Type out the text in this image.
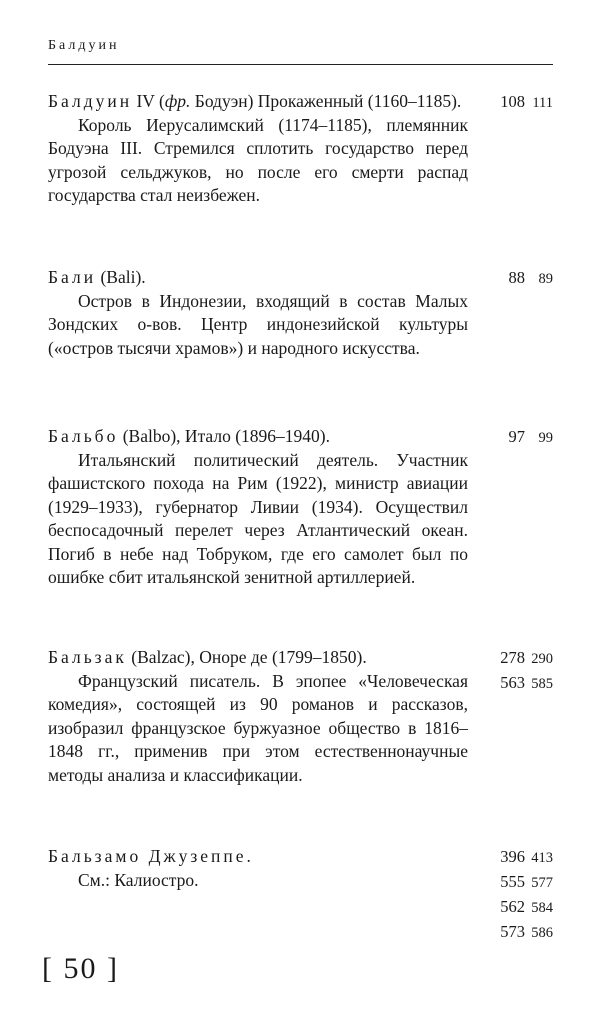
Балдуин
Балдуин IV (фр. Бодуэн) Прокаженный (1160–1185).

Король Иерусалимский (1174–1185), племянник Бодуэна III. Стремился сплотить государство перед угрозой сельджуков, но после его смерти распад государства стал неизбежен.

108 111
Бали (Bali).

Остров в Индонезии, входящий в состав Малых Зондских о-вов. Центр индонезийской культуры («остров тысячи храмов») и народного искусства.

88 89
Бальбо (Balbo), Итало (1896–1940).

Итальянский политический деятель. Участник фашистского похода на Рим (1922), министр авиации (1929–1933), губернатор Ливии (1934). Осуществил беспосадочный перелет через Атлантический океан. Погиб в небе над Тобруком, где его самолет был по ошибке сбит итальянской зенитной артиллерией.

97 99
Бальзак (Balzac), Оноре де (1799–1850).

Французский писатель. В эпопее «Человеческая комедия», состоящей из 90 романов и рассказов, изобразил французское буржуазное общество в 1816–1848 гг., применив при этом естественнонаучные методы анализа и классификации.

278 290
563 585
Бальзамо Джузеппе.

См.: Калиостро.

396 413
555 577
562 584
573 586
[ 50 ]
